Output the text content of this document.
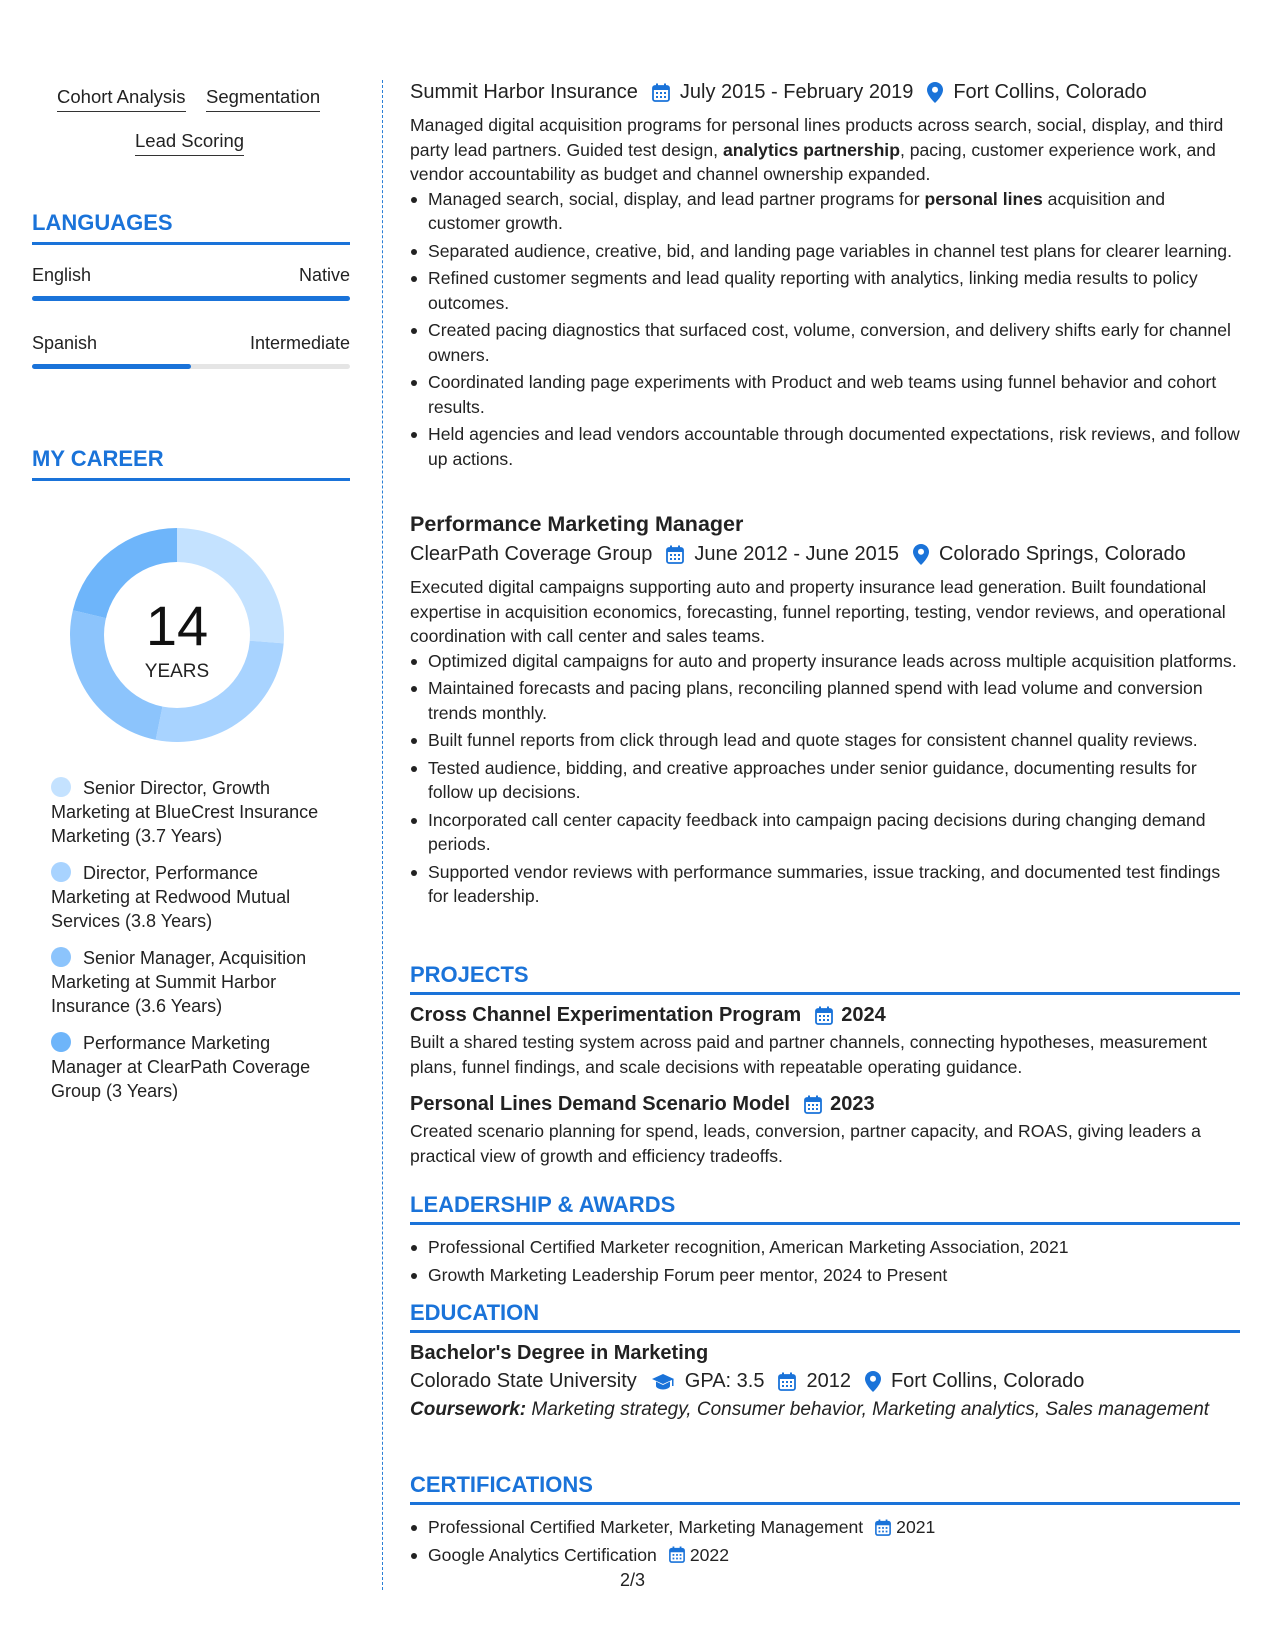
Cohort Analysis Segmentation
Lead Scoring
LANGUAGES
English	Native
Spanish	Intermediate
MY CAREER
14
YEARS
Senior Director, Growth Marketing at BlueCrest Insurance Marketing (3.7 Years)
Director, Performance Marketing at Redwood Mutual Services (3.8 Years)
Senior Manager, Acquisition Marketing at Summit Harbor Insurance (3.6 Years)
Performance Marketing Manager at ClearPath Coverage Group (3 Years)
Summit Harbor Insurance July 2015 - February 2019 Fort Collins, Colorado

Managed digital acquisition programs for personal lines products across search, social, display, and third party lead partners. Guided test design, analytics partnership, pacing, customer experience work, and vendor accountability as budget and channel ownership expanded.

Managed search, social, display, and lead partner programs for personal lines acquisition and customer growth.
Separated audience, creative, bid, and landing page variables in channel test plans for clearer learning.
Refined customer segments and lead quality reporting with analytics, linking media results to policy outcomes.
Created pacing diagnostics that surfaced cost, volume, conversion, and delivery shifts early for channel owners.
Coordinated landing page experiments with Product and web teams using funnel behavior and cohort results.
Held agencies and lead vendors accountable through documented expectations, risk reviews, and follow up actions.
Performance Marketing Manager
ClearPath Coverage Group June 2012 - June 2015 Colorado Springs, Colorado

Executed digital campaigns supporting auto and property insurance lead generation. Built foundational expertise in acquisition economics, forecasting, funnel reporting, testing, vendor reviews, and operational coordination with call center and sales teams.

Optimized digital campaigns for auto and property insurance leads across multiple acquisition platforms.
Maintained forecasts and pacing plans, reconciling planned spend with lead volume and conversion trends monthly.
Built funnel reports from click through lead and quote stages for consistent channel quality reviews.
Tested audience, bidding, and creative approaches under senior guidance, documenting results for follow up decisions.
Incorporated call center capacity feedback into campaign pacing decisions during changing demand periods.
Supported vendor reviews with performance summaries, issue tracking, and documented test findings for leadership.
PROJECTS
Cross Channel Experimentation Program 2024

Built a shared testing system across paid and partner channels, connecting hypotheses, measurement plans, funnel findings, and scale decisions with repeatable operating guidance.

Personal Lines Demand Scenario Model 2023

Created scenario planning for spend, leads, conversion, partner capacity, and ROAS, giving leaders a practical view of growth and efficiency tradeoffs.

LEADERSHIP & AWARDS
Professional Certified Marketer recognition, American Marketing Association, 2021
Growth Marketing Leadership Forum peer mentor, 2024 to Present
EDUCATION
Bachelor's Degree in Marketing
Colorado State University GPA: 3.5 2012 Fort Collins, Colorado
Coursework: Marketing strategy, Consumer behavior, Marketing analytics, Sales management
CERTIFICATIONS
Professional Certified Marketer, Marketing Management 2021
Google Analytics Certification 2022
2/3
